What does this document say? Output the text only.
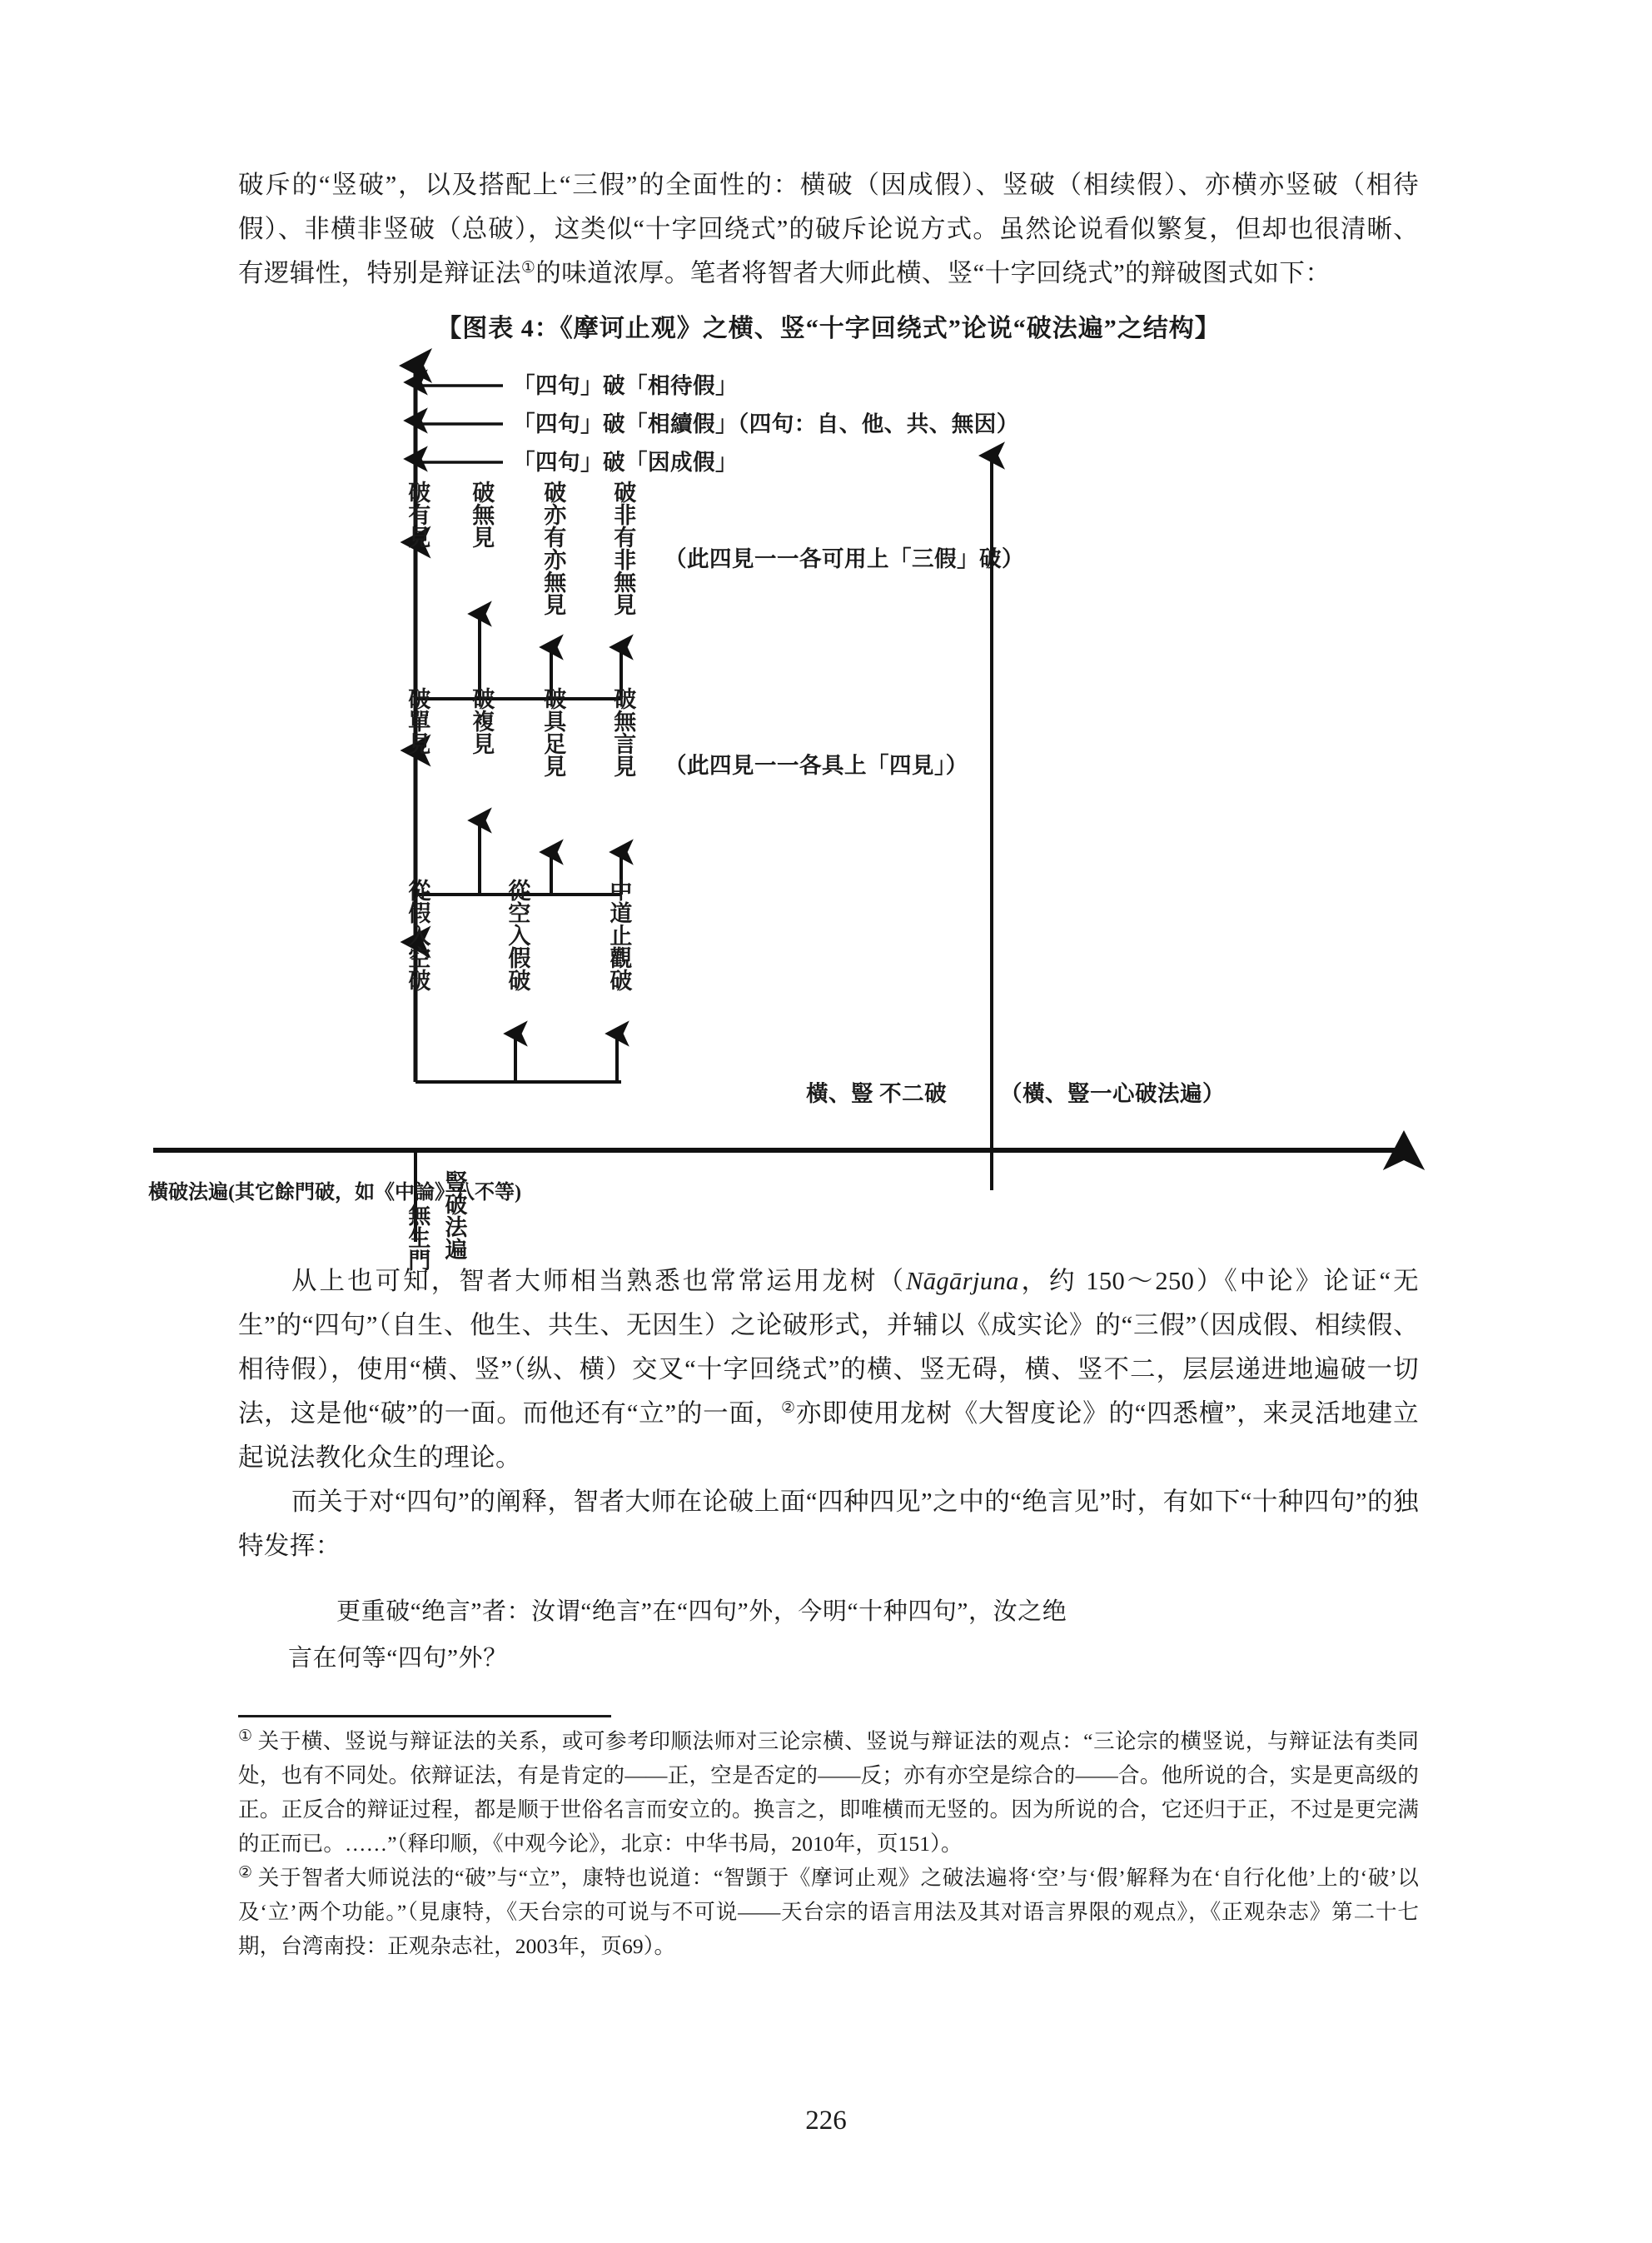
破斥的“竖破”，以及搭配上“三假”的全面性的：横破（因成假）、竖破（相续假）、亦横亦竖破（相待假）、非横非竖破（总破），这类似“十字回绕式”的破斥论说方式。虽然论说看似繁复，但却也很清晰、有逻辑性，特别是辩证法①的味道浓厚。笔者将智者大师此横、竖“十字回绕式”的辩破图式如下：

【图表 4：《摩诃止观》之横、竖“十字回绕式”论说“破法遍”之结构】

「四句」破「相待假」
「四句」破「相續假」（四句：自、他、共、無因）
「四句」破「因成假」
破有見 破無見 破亦有亦無見 破非有非無見 （此四見一一各可用上「三假」破）
破單見 破複見 破具足見 破無言見 （此四見一一各具上「四見」）
從假入空破	從空入假破	中道止觀破
橫、豎 不二破 （橫、豎一心破法遍）
橫破法遍(其它餘門破，如《中論》八不等)
豎破法遍
無生門

从上也可知，智者大师相当熟悉也常常运用龙树（Nāgārjuna，约 150～250）《中论》论证“无生”的“四句”（自生、他生、共生、无因生）之论破形式，并辅以《成实论》的“三假”（因成假、相续假、相待假），使用“横、竖”（纵、横）交叉“十字回绕式”的横、竖无碍，横、竖不二，层层递进地遍破一切法，这是他“破”的一面。而他还有“立”的一面，②亦即使用龙树《大智度论》的“四悉檀”，来灵活地建立起说法教化众生的理论。

而关于对“四句”的阐释，智者大师在论破上面“四种四见”之中的“绝言见”时，有如下“十种四句”的独特发挥：

更重破“绝言”者：汝谓“绝言”在“四句”外，今明“十种四句”，汝之绝
言在何等“四句”外？

① 关于横、竖说与辩证法的关系，或可参考印顺法师对三论宗横、竖说与辩证法的观点：“三论宗的横竖说，与辩证法有类同处，也有不同处。依辩证法，有是肯定的——正，空是否定的——反；亦有亦空是综合的——合。他所说的合，实是更高级的正。正反合的辩证过程，都是顺于世俗名言而安立的。换言之，即唯横而无竖的。因为所说的合，它还归于正，不过是更完满的正而已。……”（释印顺，《中观今论》，北京：中华书局，2010年，页151）。

② 关于智者大师说法的“破”与“立”，康特也说道：“智顗于《摩诃止观》之破法遍将‘空’与‘假’解释为在‘自行化他’上的‘破’以及‘立’两个功能。”（見康特，《天台宗的可说与不可说——天台宗的语言用法及其对语言界限的观点》，《正观杂志》第二十七期，台湾南投：正观杂志社，2003年，页69）。

226
